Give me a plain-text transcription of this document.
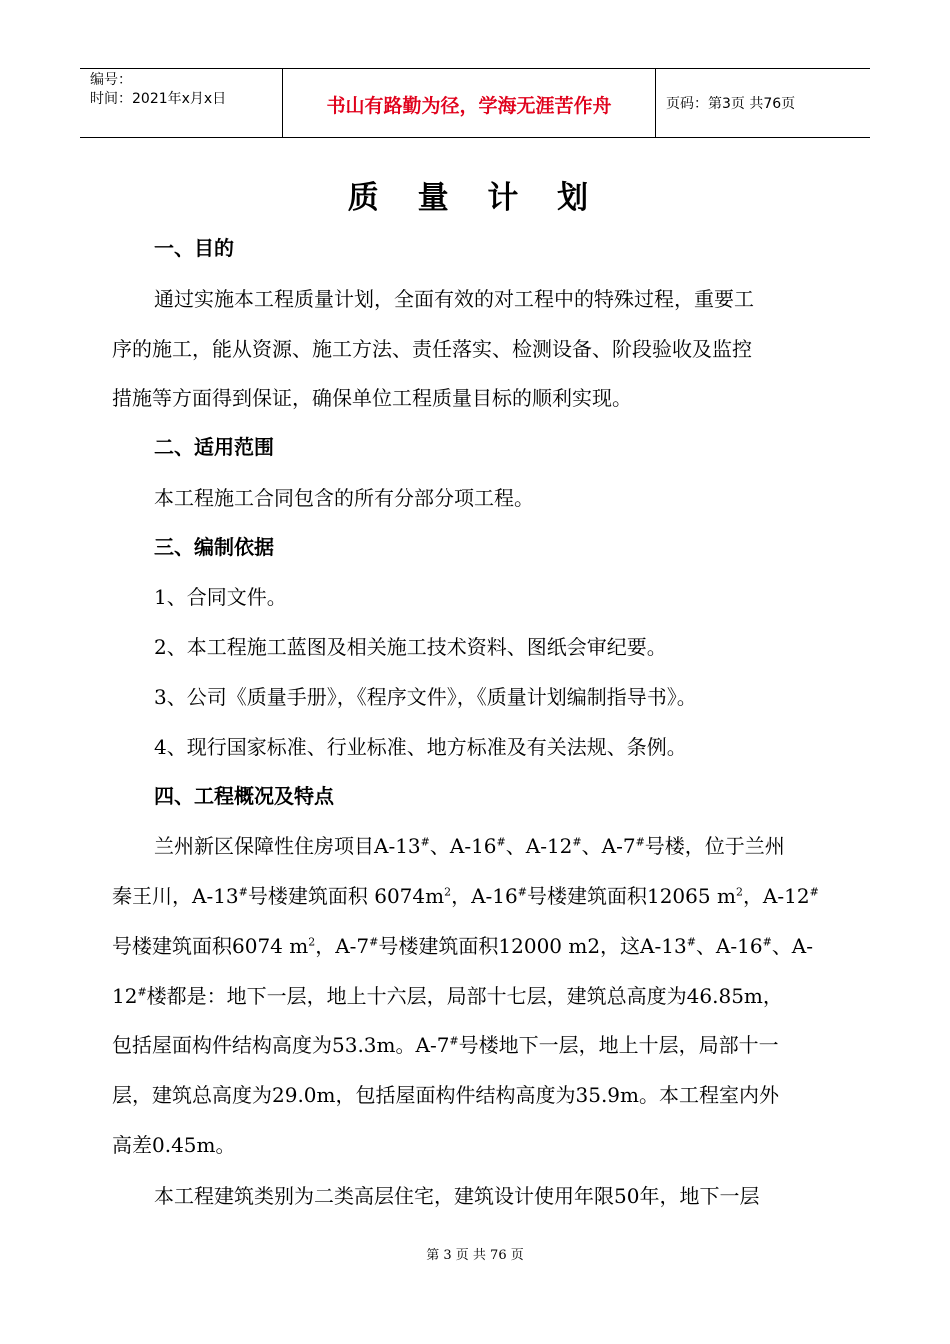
编号：
时间：2021年x月x日	书山有路勤为径，学海无涯苦作舟	页码：第3页 共76页
质 量 计 划
一、目的
通过实施本工程质量计划，全面有效的对工程中的特殊过程，重要工
序的施工，能从资源、施工方法、责任落实、检测设备、阶段验收及监控
措施等方面得到保证，确保单位工程质量目标的顺利实现。
二、适用范围
本工程施工合同包含的所有分部分项工程。
三、编制依据
1、合同文件。
2、本工程施工蓝图及相关施工技术资料、图纸会审纪要。
3、公司《质量手册》，《程序文件》，《质量计划编制指导书》。
4、现行国家标准、行业标准、地方标准及有关法规、条例。
四、工程概况及特点
兰州新区保障性住房项目A-13#、A-16#、A-12#、A-7#号楼，位于兰州
秦王川，A-13#号楼建筑面积 $6074m^2$，A-16#号楼建筑面积12065 $m^2$，A-12#
号楼建筑面积6074 $m^2$，A-7#号楼建筑面积12000 m2，这A-13#、A-16#、A-
12#楼都是：地下一层，地上十六层，局部十七层，建筑总高度为46.85m，
包括屋面构件结构高度为53.3m。A-7#号楼地下一层，地上十层，局部十一
层，建筑总高度为29.0m，包括屋面构件结构高度为35.9m。本工程室内外
高差0.45m。
本工程建筑类别为二类高层住宅，建筑设计使用年限50年，地下一层
第 3 页 共 76 页
